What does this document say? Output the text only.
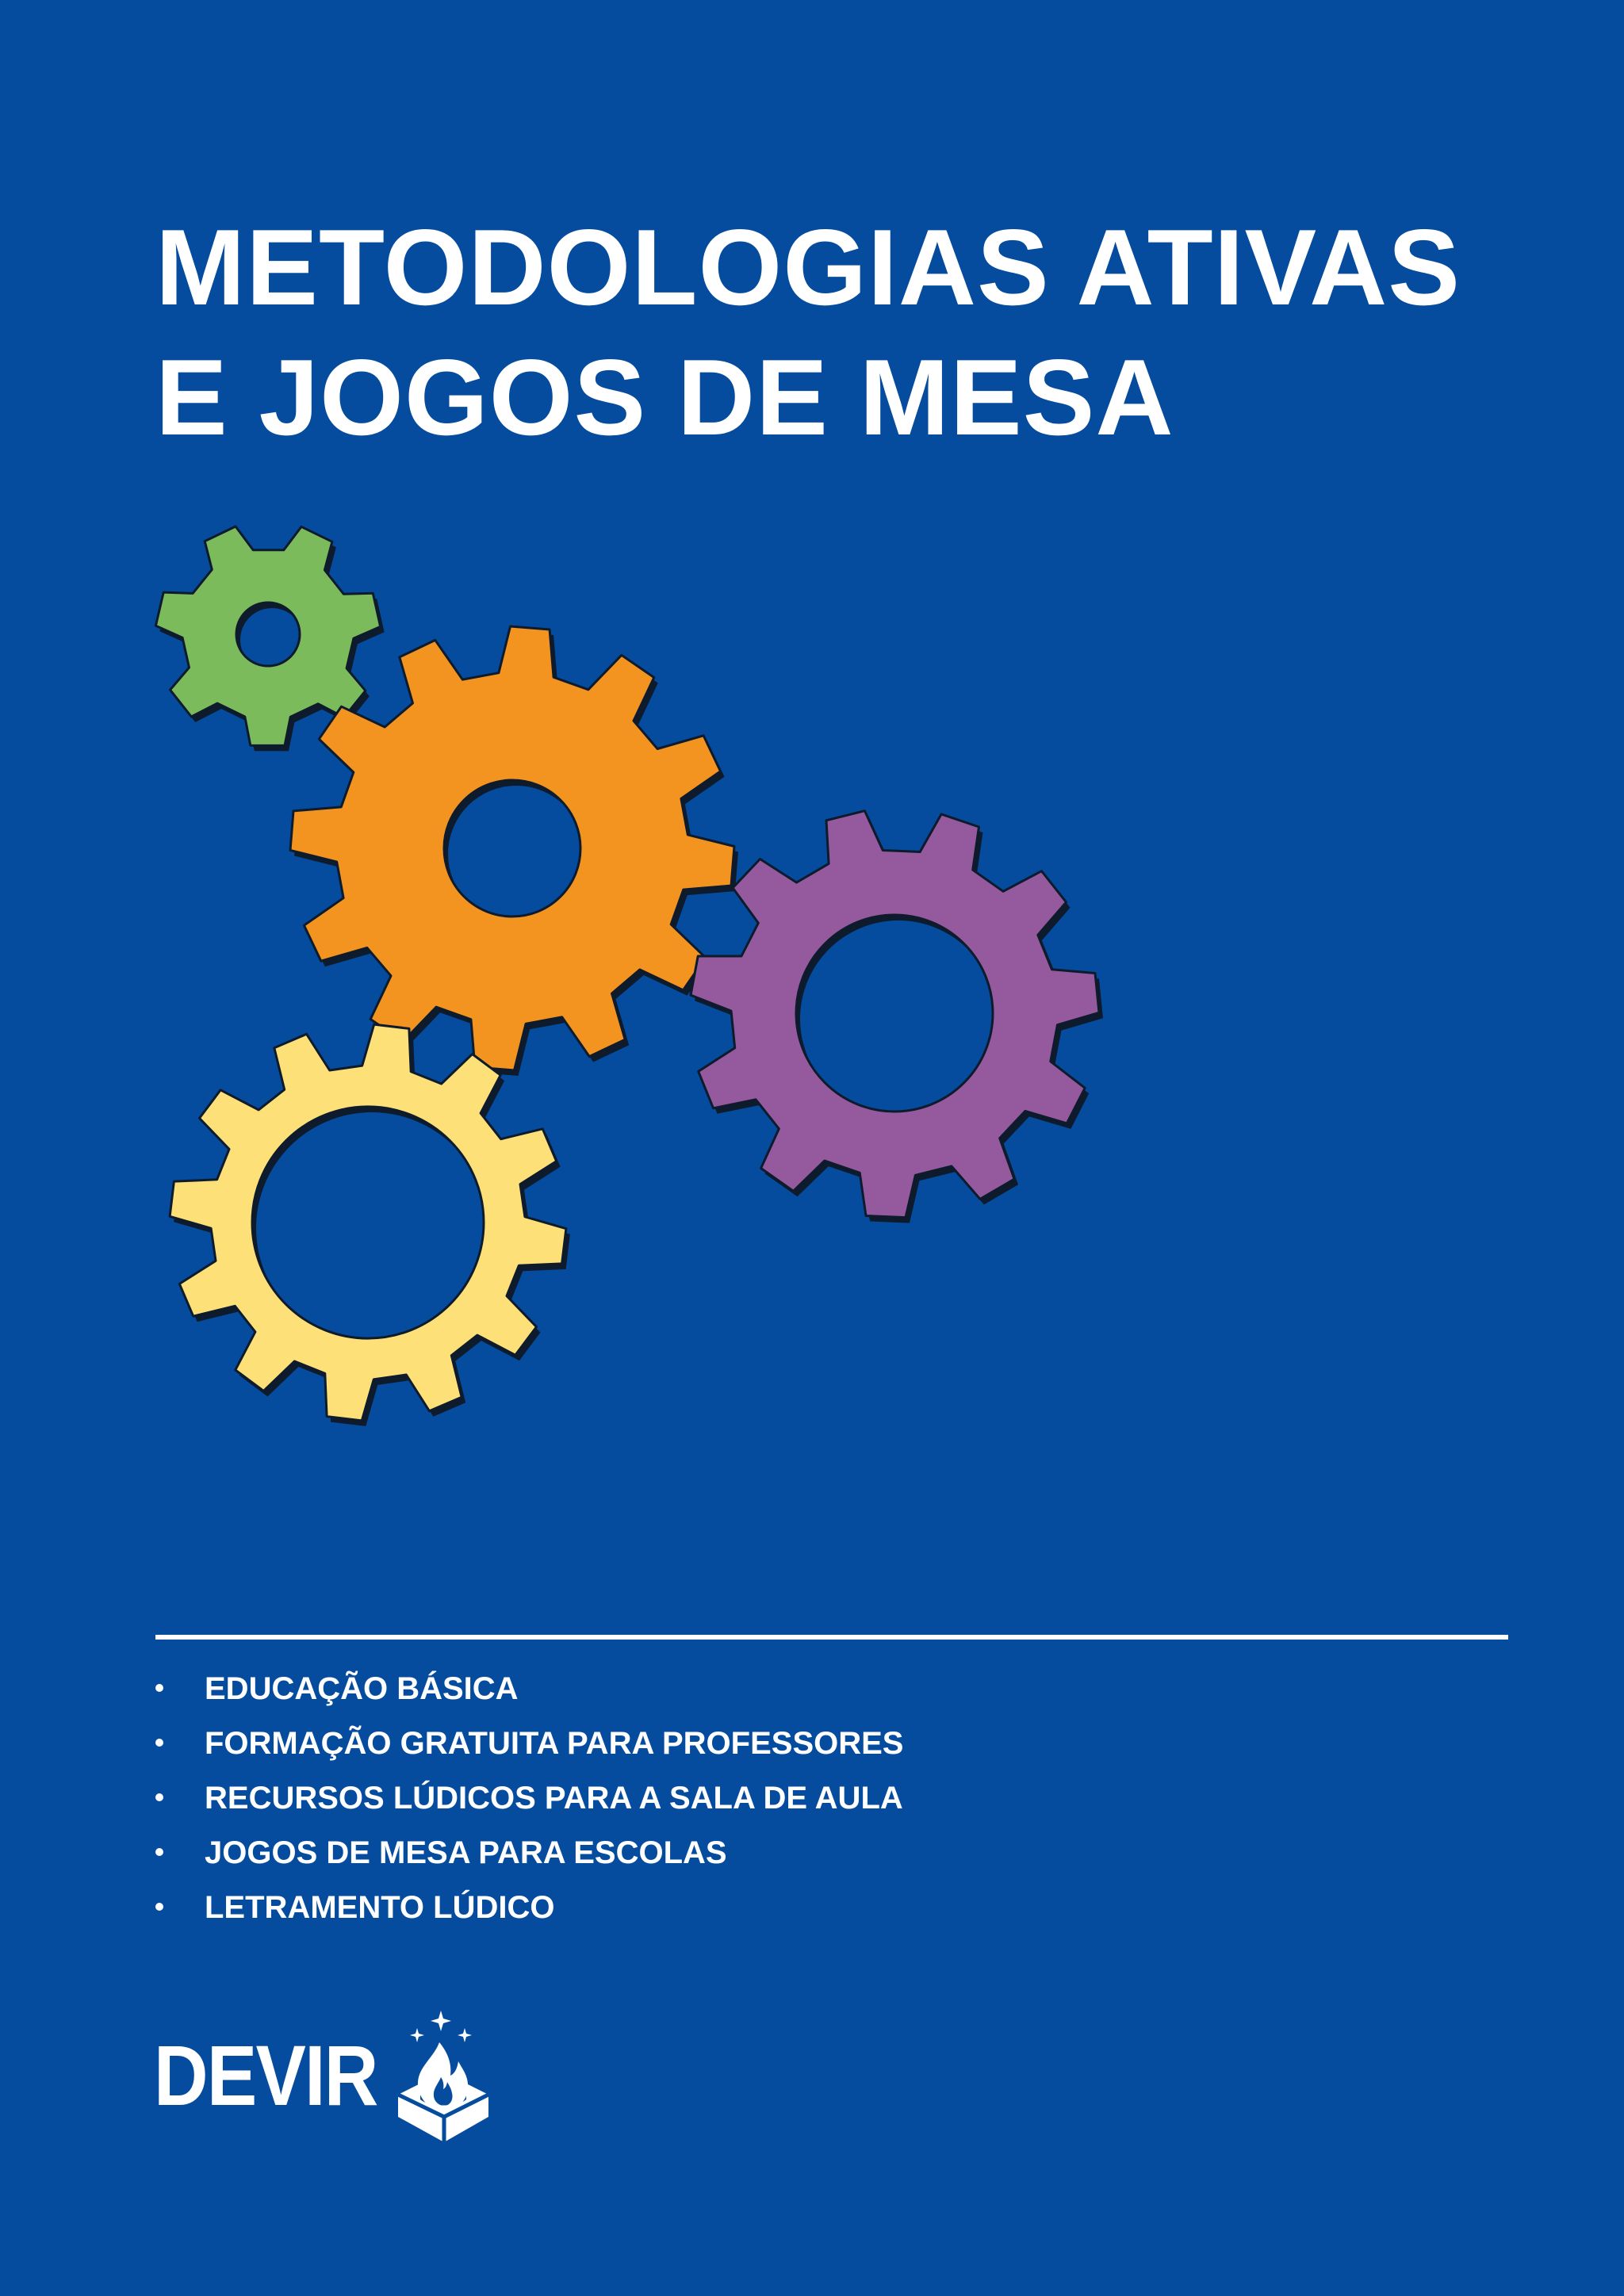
METODOLOGIAS ATIVAS
E JOGOS DE MESA
EDUCAÇÃO BÁSICA
FORMAÇÃO GRATUITA PARA PROFESSORES
RECURSOS LÚDICOS PARA A SALA DE AULA
JOGOS DE MESA PARA ESCOLAS
LETRAMENTO LÚDICO
DEVIR
